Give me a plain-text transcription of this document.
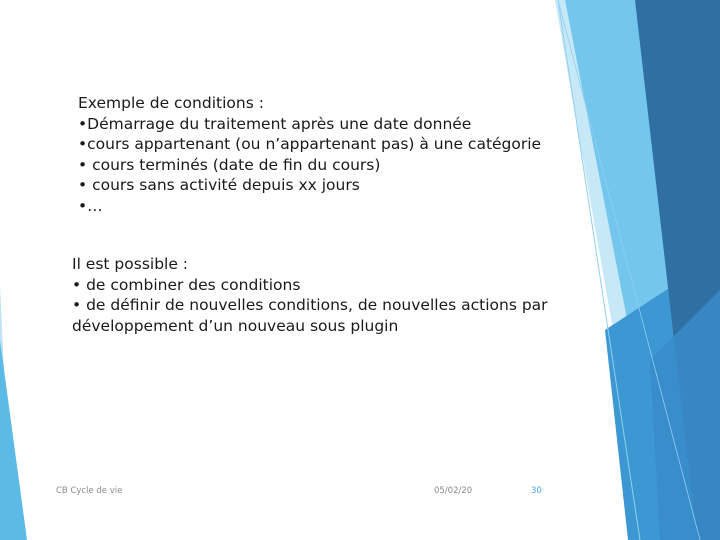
Exemple de conditions :
•Démarrage du traitement après une date donnée
•cours appartenant (ou n’appartenant pas) à une catégorie
• cours terminés (date de fin du cours)
• cours sans activité depuis xx jours
•…
Il est possible :
• de combiner des conditions
• de définir de nouvelles conditions, de nouvelles actions par
développement d’un nouveau sous plugin
CB Cycle de vie	05/02/20	30
